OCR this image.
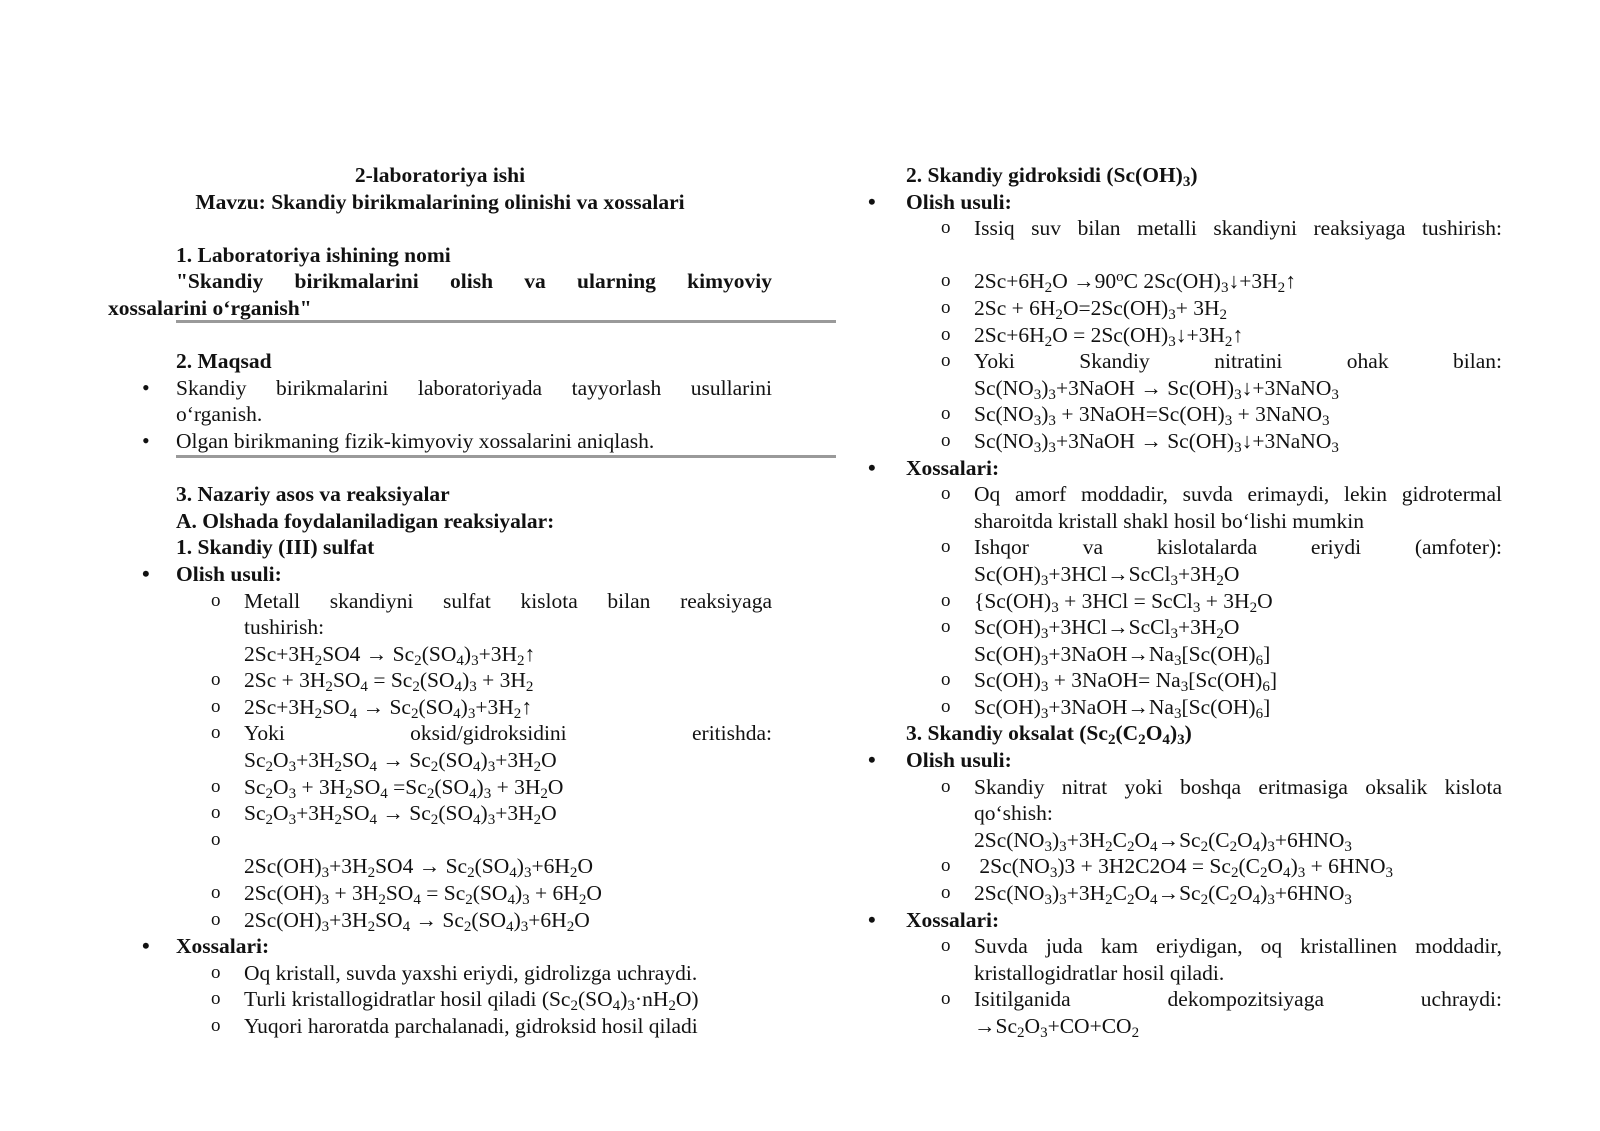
2-laboratoriya ishi
Mavzu: Skandiy birikmalarining olinishi va xossalari
1. Laboratoriya ishining nomi
"Skandiy birikmalarini olish va ularning kimyoviy
xossalarini o‘rganish"
2. Maqsad
• Skandiy birikmalarini laboratoriyada tayyorlash usullarini
o‘rganish.
• Olgan birikmaning fizik-kimyoviy xossalarini aniqlash.
3. Nazariy asos va reaksiyalar
A. Olshada foydalaniladigan reaksiyalar:
1. Skandiy (III) sulfat
• Olish usuli:
o Metall skandiyni sulfat kislota bilan reaksiyaga
tushirish:
$2Sc+3H_2SO4$ → $Sc_2(SO_4)_3+3H_2↑$
o $2Sc + 3H_2SO_4 = Sc_2(SO_4)_3 + 3H_2$
o $2Sc+3H_2SO_4$ → $Sc_2(SO_4)_3+3H_2↑$
o Yoki oksid/gidroksidini eritishda:
$Sc_2O_3+3H_2SO_4 \to Sc_2(SO_4)_3+3H_2O$
o $Sc_2O_3 + 3H_2SO_4 =Sc_2(SO_4)_3 + 3H_2O$
o $Sc_2O_3+3H_2SO_4 \to Sc_2(SO_4)_3+3H_2O$
o
$2Sc(OH)_3+3H_2SO4 \to Sc_2(SO_4)_3+6H_2O$
o $2Sc(OH)_3 + 3H_2SO_4 = Sc_2(SO_4)_3 + 6H_2O$
o $2Sc(OH)_3+3H_2SO_4 \to Sc_2(SO_4)_3+6H_2O$
• Xossalari:
o Oq kristall, suvda yaxshi eriydi, gidrolizga uchraydi.
o Turli kristallogidratlar hosil qiladi $(Sc_2(SO_4)_3\cdot nH_2O)$
o Yuqori haroratda parchalanadi, gidroksid hosil qiladi
2. Skandiy gidroksidi $(Sc(OH)_3)$
• Olish usuli:
o Issiq suv bilan metalli skandiyni reaksiyaga tushirish:
o $2Sc+6H_2O \to 90^oC$ $2Sc(OH)_3↓+3H_2↑$
o $2Sc + 6H_2O=2Sc(OH)_3+ 3H_2$
o $2Sc+6H_2O$ = $2Sc(OH)_3↓+3H_2↑$
o Yoki Skandiy nitratini ohak bilan:
$Sc(NO_3)_3+3NaOH$ → $Sc(OH)_3↓+3NaNO_3$
o $Sc(NO_3)_3$ + $3NaOH=Sc(OH)_3$ + 3NaNO$_3$
o $Sc(NO_3)_3+3NaOH$ → $Sc(OH)_3↓+3NaNO_3$
• Xossalari:
o Oq amorf moddadir, suvda erimaydi, lekin gidrotermal
sharoitda kristall shakl hosil bo‘lishi mumkin
o Ishqor va kislotalarda eriydi (amfoter):
$Sc(OH)_3+3HCl\to ScCl_3+3H_2O$
o {$Sc(OH)_3 + 3HCl$ = ScCl$_3$ + $3H_2O$
o $Sc(OH)_3+3HCl\to ScCl_3+3H_2O$
$Sc(OH)_3+3NaOH\to Na_3[Sc(OH)_6]$
o $Sc(OH)_3$ + 3NaOH= $Na_3[Sc(OH)_6]$
o $Sc(OH)_3+3NaOH\to Na_3[Sc(OH)_6]$
3. Skandiy oksalat $(Sc_2(C_2O_4)_3)$
• Olish usuli:
o Skandiy nitrat yoki boshqa eritmasiga oksalik kislota
qo‘shish:
$2Sc(NO_3)_3+3H_2C_2O_4\to Sc_2(C_2O_4)_3+6HNO_3$
o  $2Sc(NO_3)3 + 3H2C2O4 = Sc_2(C_2O_4)_3 + 6HNO_3$
o $2Sc(NO_3)_3+3H_2C_2O_4\to Sc_2(C_2O_4)_3+6HNO_3$
• Xossalari:
o Suvda juda kam eriydigan, oq kristallinen moddadir,
kristallogidratlar hosil qiladi.
o Isitilganida dekompozitsiyaga uchraydi:
$\to Sc_2O_3+CO+CO_2$
